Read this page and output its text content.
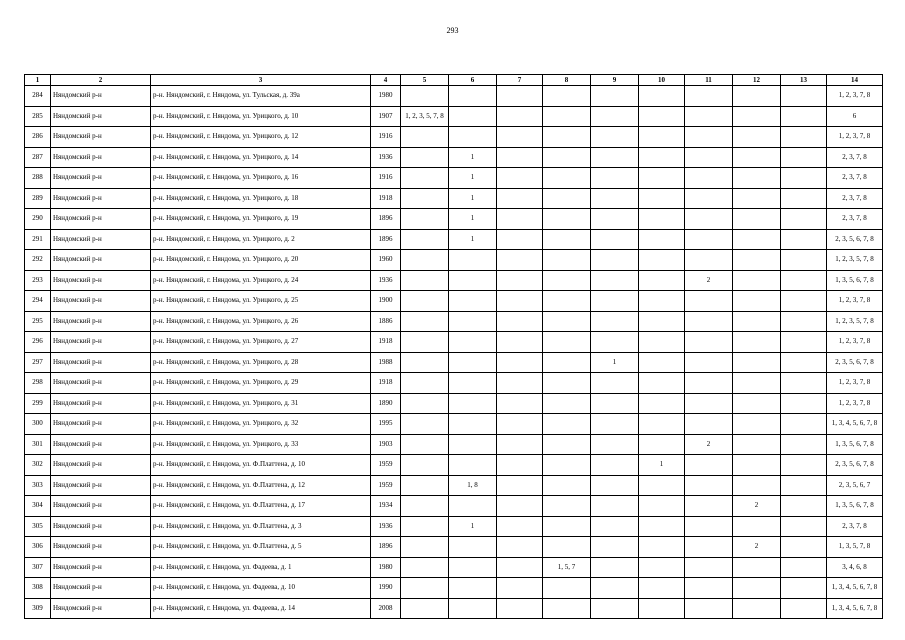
293
1	2	3	4	5	6	7	8	9	10	11	12	13	14
284	Няндомский р-н	р-н. Няндомский, г. Няндома, ул. Тульская, д. 39а	1980										1, 2, 3, 7, 8
285	Няндомский р-н	р-н. Няндомский, г. Няндома, ул. Урицкого, д. 10	1907	1, 2, 3, 5, 7, 8									6
286	Няндомский р-н	р-н. Няндомский, г. Няндома, ул. Урицкого, д. 12	1916										1, 2, 3, 7, 8
287	Няндомский р-н	р-н. Няндомский, г. Няндома, ул. Урицкого, д. 14	1936		1								2, 3, 7, 8
288	Няндомский р-н	р-н. Няндомский, г. Няндома, ул. Урицкого, д. 16	1916		1								2, 3, 7, 8
289	Няндомский р-н	р-н. Няндомский, г. Няндома, ул. Урицкого, д. 18	1918		1								2, 3, 7, 8
290	Няндомский р-н	р-н. Няндомский, г. Няндома, ул. Урицкого, д. 19	1896		1								2, 3, 7, 8
291	Няндомский р-н	р-н. Няндомский, г. Няндома, ул. Урицкого, д. 2	1896		1								2, 3, 5, 6, 7, 8
292	Няндомский р-н	р-н. Няндомский, г. Няндома, ул. Урицкого, д. 20	1960										1, 2, 3, 5, 7, 8
293	Няндомский р-н	р-н. Няндомский, г. Няндома, ул. Урицкого, д. 24	1936							2			1, 3, 5, 6, 7, 8
294	Няндомский р-н	р-н. Няндомский, г. Няндома, ул. Урицкого, д. 25	1900										1, 2, 3, 7, 8
295	Няндомский р-н	р-н. Няндомский, г. Няндома, ул. Урицкого, д. 26	1886										1, 2, 3, 5, 7, 8
296	Няндомский р-н	р-н. Няндомский, г. Няндома, ул. Урицкого, д. 27	1918										1, 2, 3, 7, 8
297	Няндомский р-н	р-н. Няндомский, г. Няндома, ул. Урицкого, д. 28	1988					1					2, 3, 5, 6, 7, 8
298	Няндомский р-н	р-н. Няндомский, г. Няндома, ул. Урицкого, д. 29	1918										1, 2, 3, 7, 8
299	Няндомский р-н	р-н. Няндомский, г. Няндома, ул. Урицкого, д. 31	1890										1, 2, 3, 7, 8
300	Няндомский р-н	р-н. Няндомский, г. Няндома, ул. Урицкого, д. 32	1995										1, 3, 4, 5, 6, 7, 8
301	Няндомский р-н	р-н. Няндомский, г. Няндома, ул. Урицкого, д. 33	1903							2			1, 3, 5, 6, 7, 8
302	Няндомский р-н	р-н. Няндомский, г. Няндома, ул. Ф.Платтена, д. 10	1959						1				2, 3, 5, 6, 7, 8
303	Няндомский р-н	р-н. Няндомский, г. Няндома, ул. Ф.Платтена, д. 12	1959		1, 8								2, 3, 5, 6, 7
304	Няндомский р-н	р-н. Няндомский, г. Няндома, ул. Ф.Платтена, д. 17	1934								2		1, 3, 5, 6, 7, 8
305	Няндомский р-н	р-н. Няндомский, г. Няндома, ул. Ф.Платтена, д. 3	1936		1								2, 3, 7, 8
306	Няндомский р-н	р-н. Няндомский, г. Няндома, ул. Ф.Платтена, д. 5	1896								2		1, 3, 5, 7, 8
307	Няндомский р-н	р-н. Няндомский, г. Няндома, ул. Фадеева, д. 1	1980				1, 5, 7						3, 4, 6, 8
308	Няндомский р-н	р-н. Няндомский, г. Няндома, ул. Фадеева, д. 10	1990										1, 3, 4, 5, 6, 7, 8
309	Няндомский р-н	р-н. Няндомский, г. Няндома, ул. Фадеева, д. 14	2008										1, 3, 4, 5, 6, 7, 8
